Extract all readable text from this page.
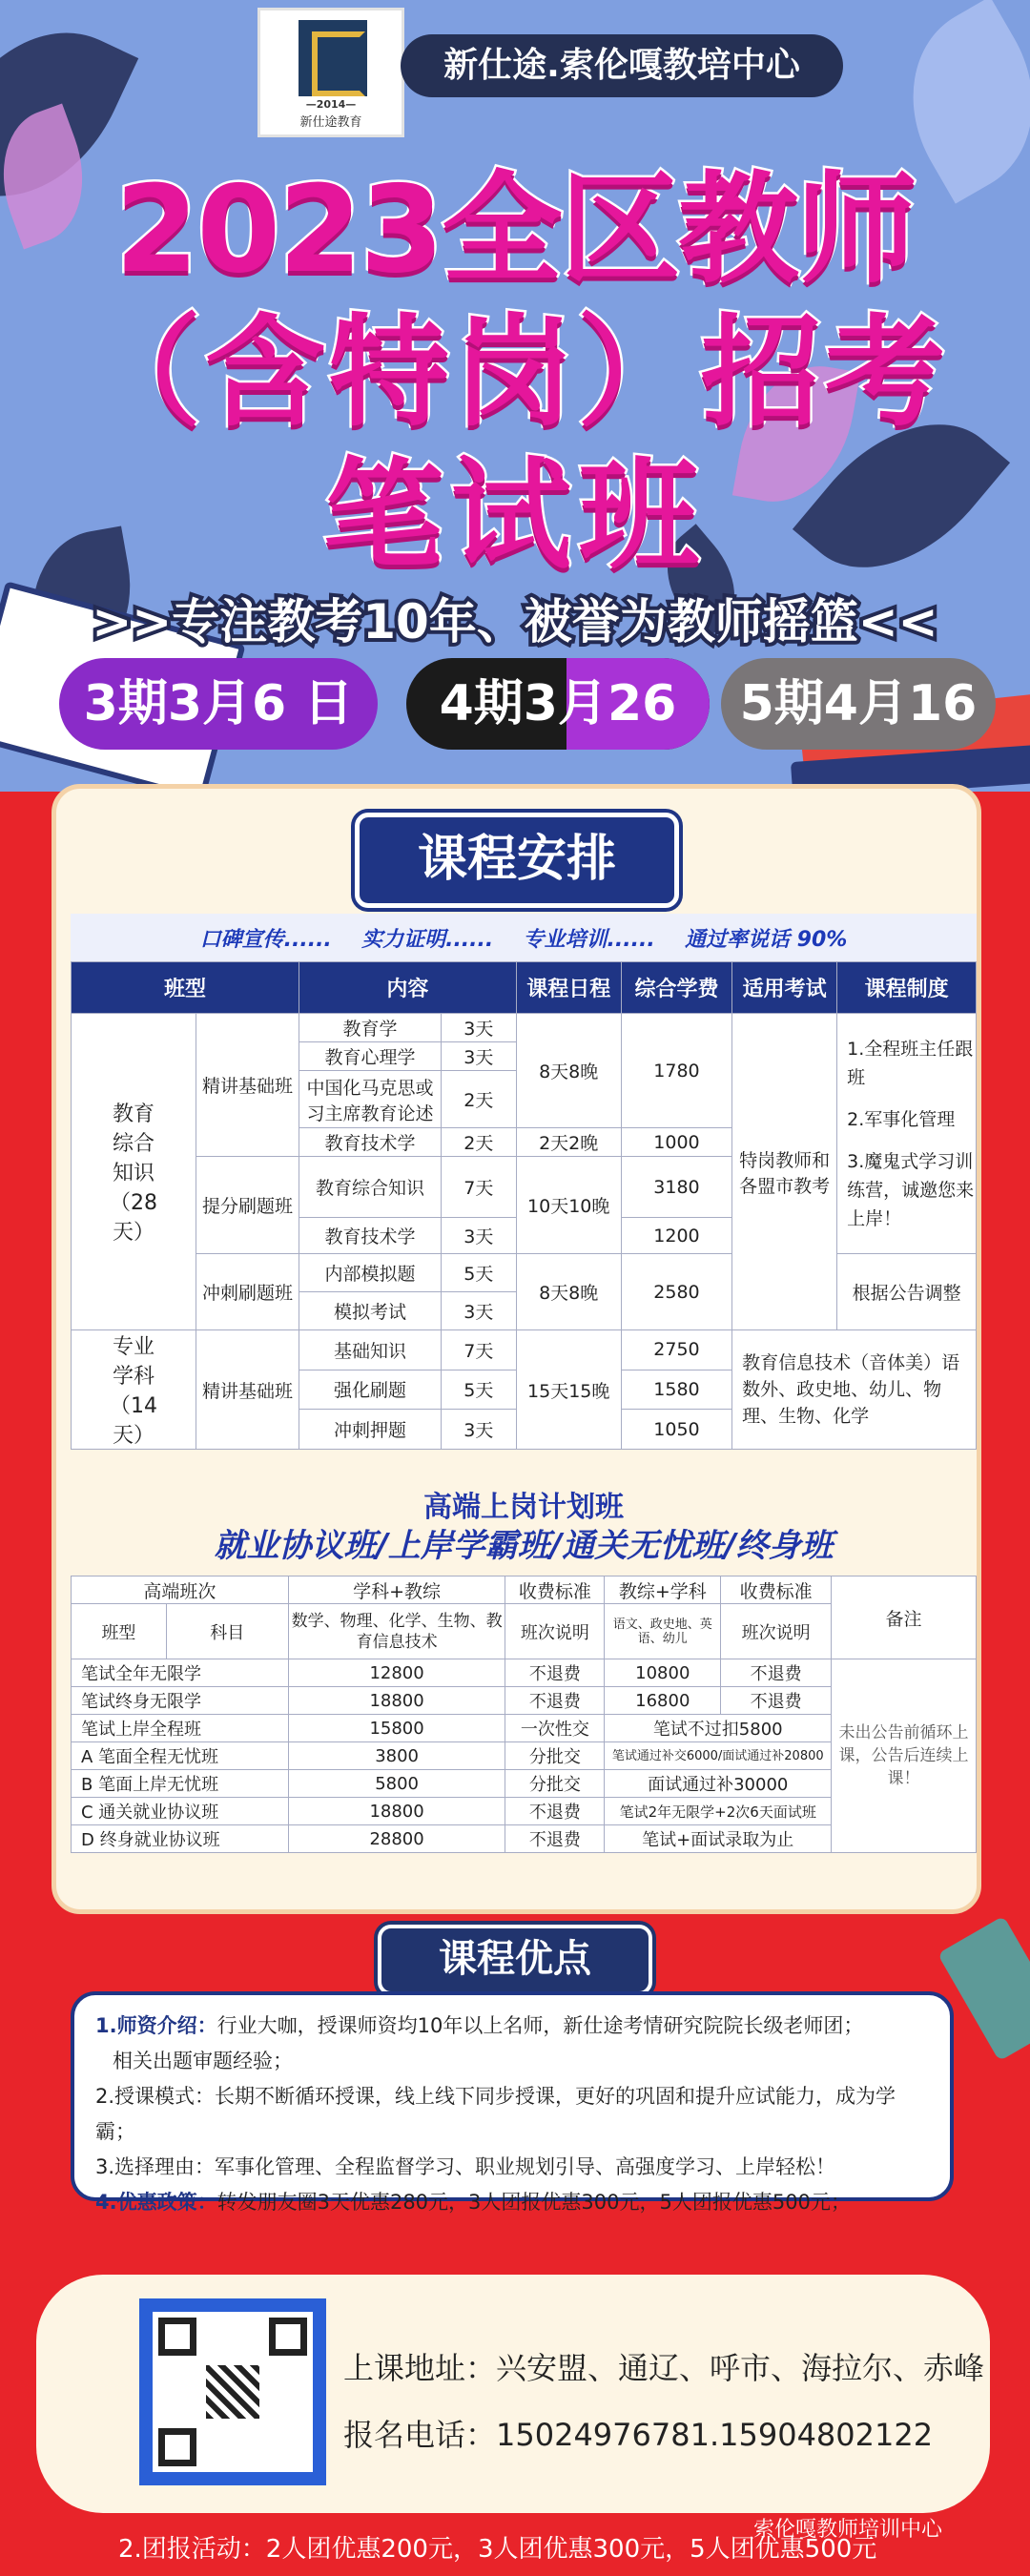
—2014—
新仕途教育
新仕途.索伦嘎教培中心
2023全区教师
（含特岗）招考
笔试班
>>专注教考10年、被誉为教师摇篮<<
3期3月6 日	4期3月26	5期4月16
课程安排
口碑宣传...... 实力证明...... 专业培训...... 通过率说话 90%
班型		内容		课程日程	综合学费	适用考试	课程制度
教育综合知识（28天）	精讲基础班	教育学	3天	8天8晚	1780	特岗教师和各盟市教考	1.全程班主任跟班
2.军事化管理
3.魔鬼式学习训练营，诚邀您来上岸！

		教育心理学	3天				
		中国化马克思或习主席教育论述	2天				
		教育技术学	2天	2天2晚	1000		
	提分刷题班	教育综合知识	7天	10天10晚	3180		
		教育技术学	3天		1200		
	冲刺刷题班	内部模拟题	5天	8天8晚	2580		根据公告调整
		模拟考试	3天				
专业学科（14天）	精讲基础班	基础知识	7天	15天15晚	2750	教育信息技术（音体美）语数外、政史地、幼儿、物理、生物、化学	
		强化刷题	5天		1580		
		冲刺押题	3天		1050		
高端上岗计划班
就业协议班/上岸学霸班/通关无忧班/终身班
高端班次		学科+教综	收费标准	教综+学科	收费标准	备注
班型	科目	数学、物理、化学、生物、教育信息技术	班次说明	语文、政史地、英语、幼儿	班次说明	
笔试全年无限学		12800	不退费	10800	不退费	未出公告前循环上课，公告后连续上课！
笔试终身无限学		18800	不退费	16800	不退费	
笔试上岸全程班		15800	一次性交	笔试不过扣5800		
A 笔面全程无忧班		3800	分批交	笔试通过补交6000/面试通过补20800		
B 笔面上岸无忧班		5800	分批交	面试通过补30000		
C 通关就业协议班		18800	不退费	笔试2年无限学+2次6天面试班		
D 终身就业协议班		28800	不退费	笔试+面试录取为止		
课程优点
1.师资介绍：行业大咖，授课师资均10年以上名师，新仕途考情研究院院长级老师团；
相关出题审题经验；
2.授课模式：长期不断循环授课，线上线下同步授课，更好的巩固和提升应试能力，成为学霸；
3.选择理由：军事化管理、全程监督学习、职业规划引导、高强度学习、上岸轻松！
4.优惠政策：转发朋友圈3天优惠280元，3人团报优惠300元，5人团报优惠500元；
上课地址：兴安盟、通辽、呼市、海拉尔、赤峰
报名电话：15024976781.15904802122
索伦嘎教师培训中心
2.团报活动：2人团优惠200元，3人团优惠300元，5人团优惠500元
